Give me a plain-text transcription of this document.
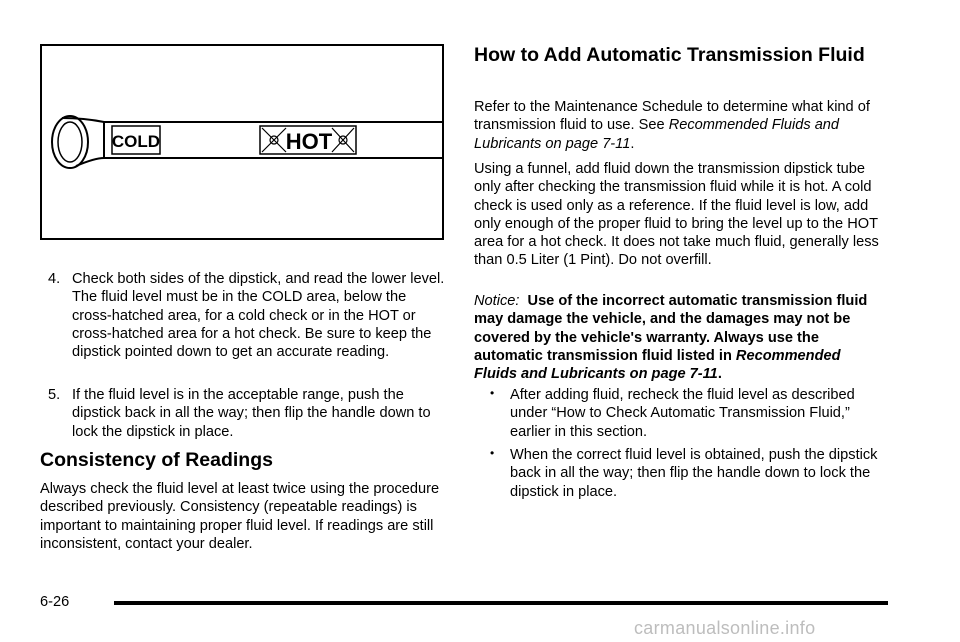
COLD	HOT
4. Check both sides of the dipstick, and read the lower level. The fluid level must be in the COLD area, below the cross-hatched area, for a cold check or in the HOT or cross-hatched area for a hot check. Be sure to keep the dipstick pointed down to get an accurate reading.
5. If the fluid level is in the acceptable range, push the dipstick back in all the way; then flip the handle down to lock the dipstick in place.
Consistency of Readings
Always check the fluid level at least twice using the procedure described previously. Consistency (repeatable readings) is important to maintaining proper fluid level. If readings are still inconsistent, contact your dealer.
How to Add Automatic Transmission Fluid
Refer to the Maintenance Schedule to determine what kind of transmission fluid to use. See Recommended Fluids and Lubricants on page 7-11.
Using a funnel, add fluid down the transmission dipstick tube only after checking the transmission fluid while it is hot. A cold check is used only as a reference. If the fluid level is low, add only enough of the proper fluid to bring the level up to the HOT area for a hot check. It does not take much fluid, generally less than 0.5 Liter (1 Pint). Do not overfill.
Notice: Use of the incorrect automatic transmission fluid may damage the vehicle, and the damages may not be covered by the vehicle's warranty. Always use the automatic transmission fluid listed in Recommended Fluids and Lubricants on page 7-11.
•	After adding fluid, recheck the fluid level as described under “How to Check Automatic Transmission Fluid,” earlier in this section.
•	When the correct fluid level is obtained, push the dipstick back in all the way; then flip the handle down to lock the dipstick in place.
6-26
carmanualsonline.info
